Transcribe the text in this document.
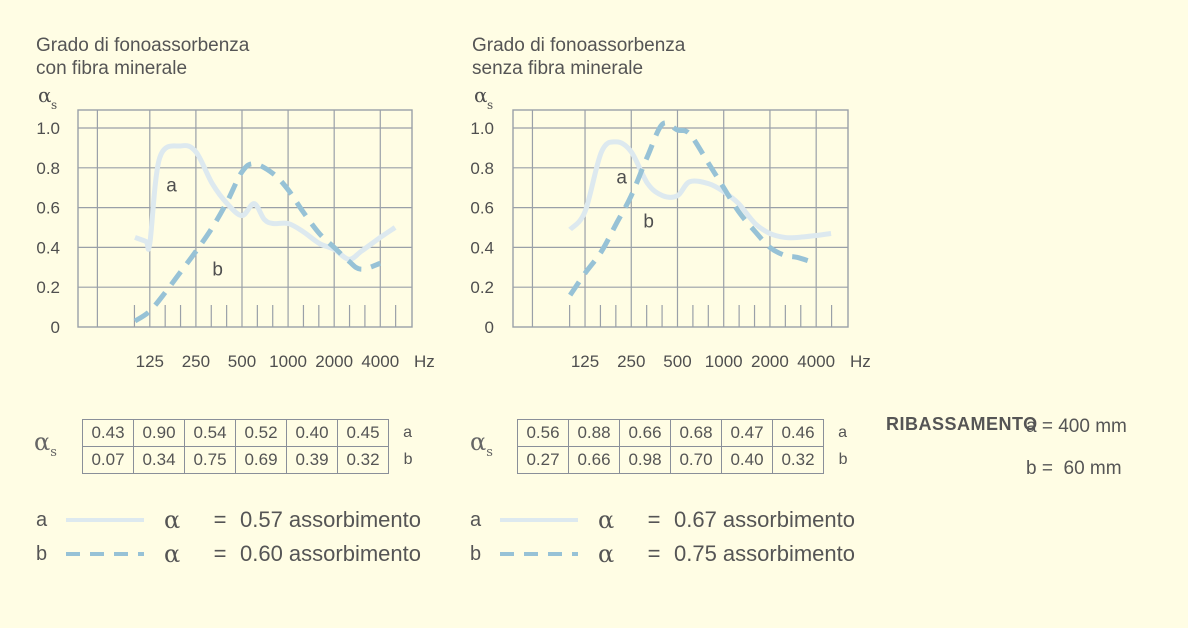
Grado di fonoassorbenza
con fibra minerale
Grado di fonoassorbenza
senza fibra minerale
0
0.2
0.4
0.6
0.8
1.0
α s
125 250 500 1000 2000 4000 Hz
a
b
0
0.2
0.4
0.6
0.8
1.0
α s
125 250 500 1000 2000 4000 Hz
a
b
$\alpha_s$
0.43	0.90	0.54	0.52	0.40	0.45	a
0.07	0.34	0.75	0.69	0.39	0.32	b
$\alpha_s$
0.56	0.88	0.66	0.68	0.47	0.46	a
0.27	0.66	0.98	0.70	0.40	0.32	b
RIBASSAMENTO
a = 400 mm
b =  60 mm
a	α	= 0.57 assorbimento
b	α	= 0.60 assorbimento
a	α	= 0.67 assorbimento
b	α	= 0.75 assorbimento
